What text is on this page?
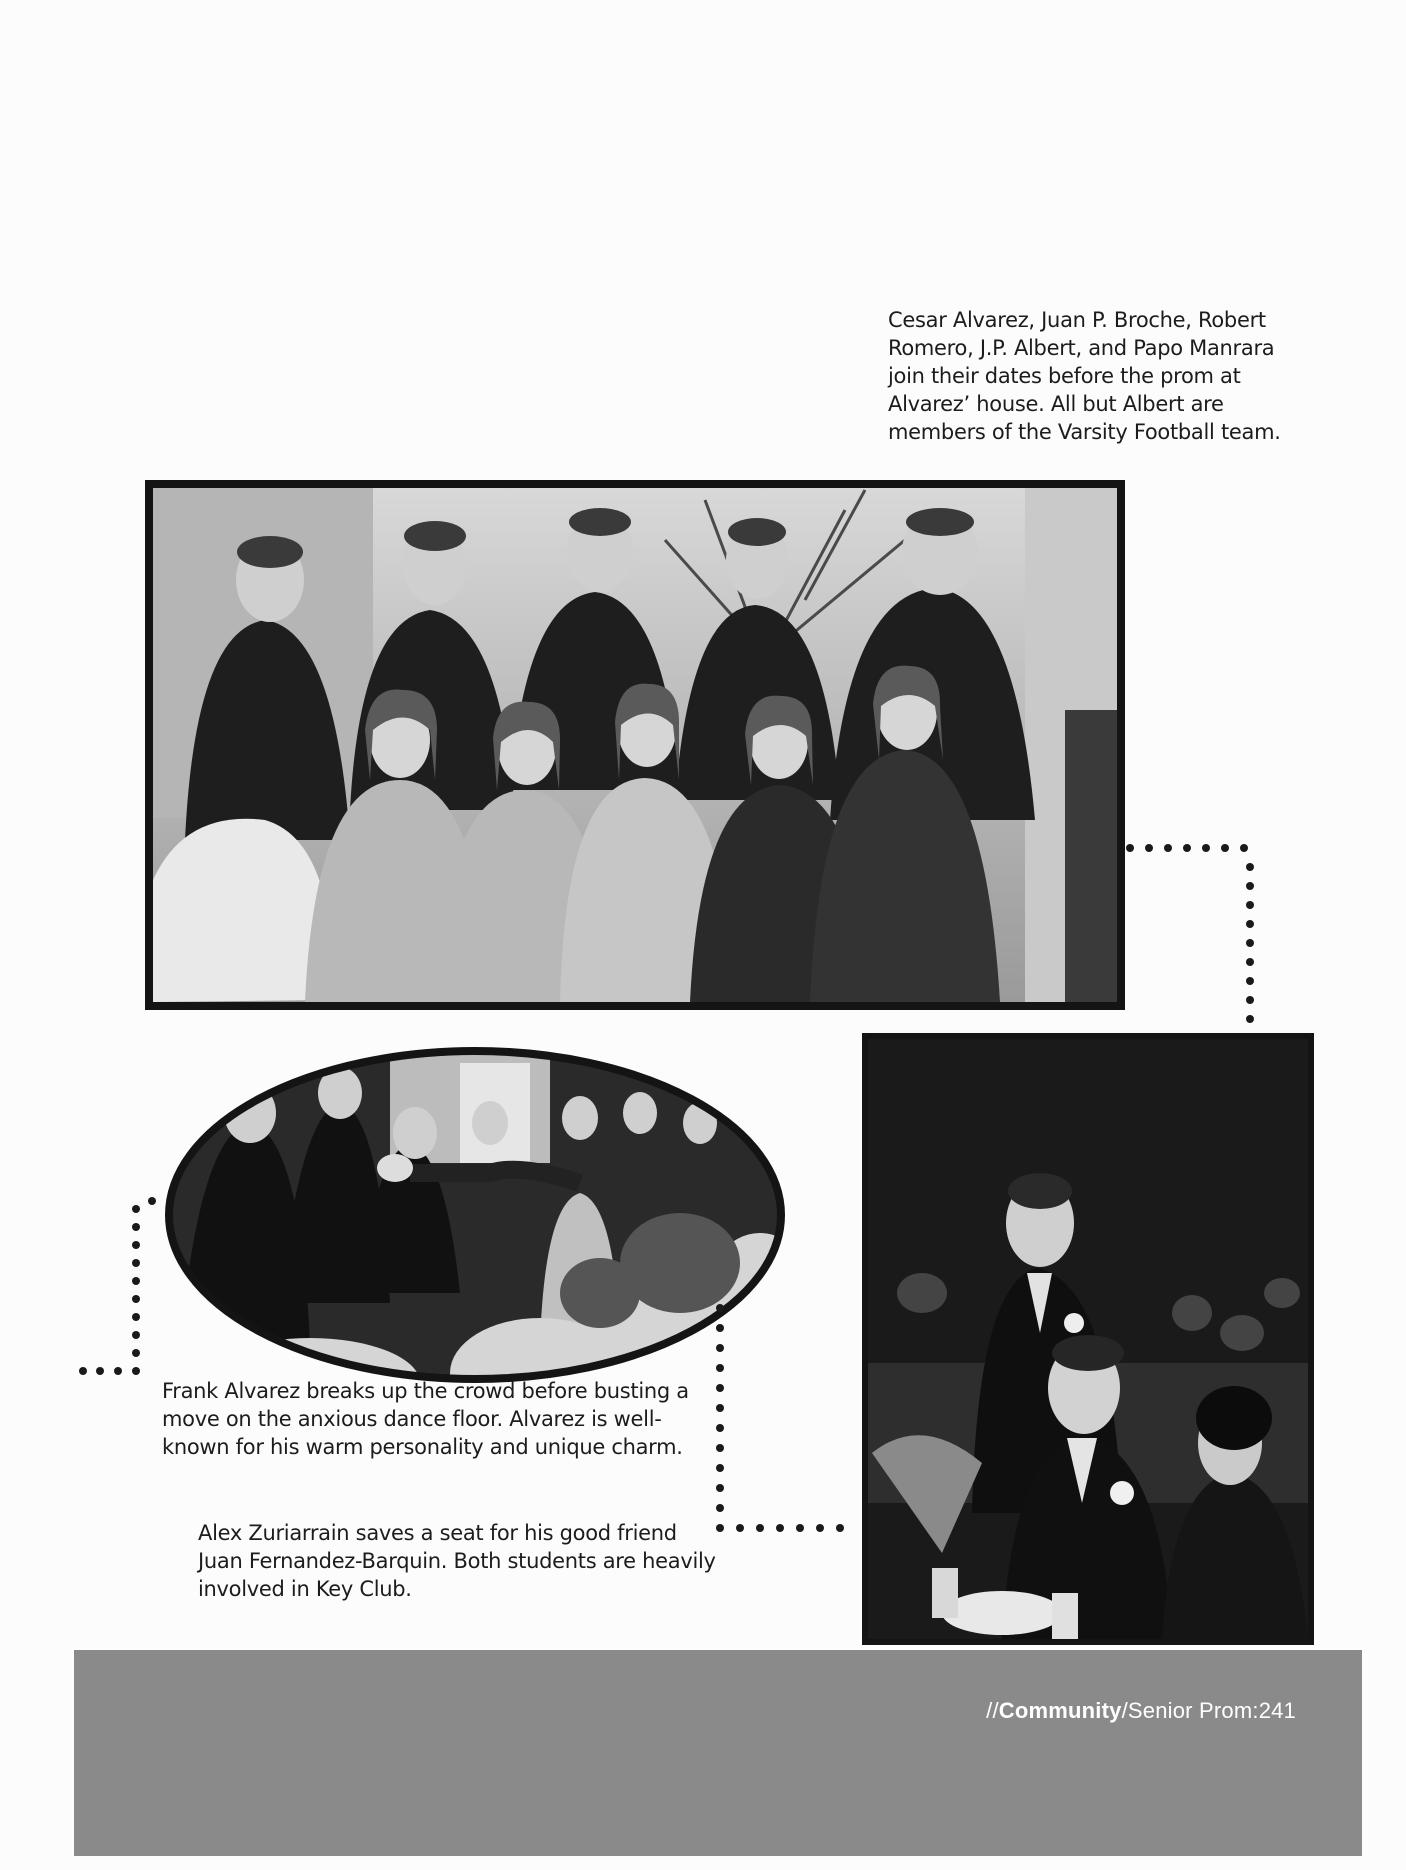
Cesar Alvarez, Juan P. Broche, Robert
Romero, J.P. Albert, and Papo Manrara
join their dates before the prom at
Alvarez’ house. All but Albert are
members of the Varsity Football team.
Frank Alvarez breaks up the crowd before busting a
move on the anxious dance floor. Alvarez is well-
known for his warm personality and unique charm.
Alex Zuriarrain saves a seat for his good friend
Juan Fernandez-Barquin. Both students are heavily
involved in Key Club.
//Community/Senior Prom:241
